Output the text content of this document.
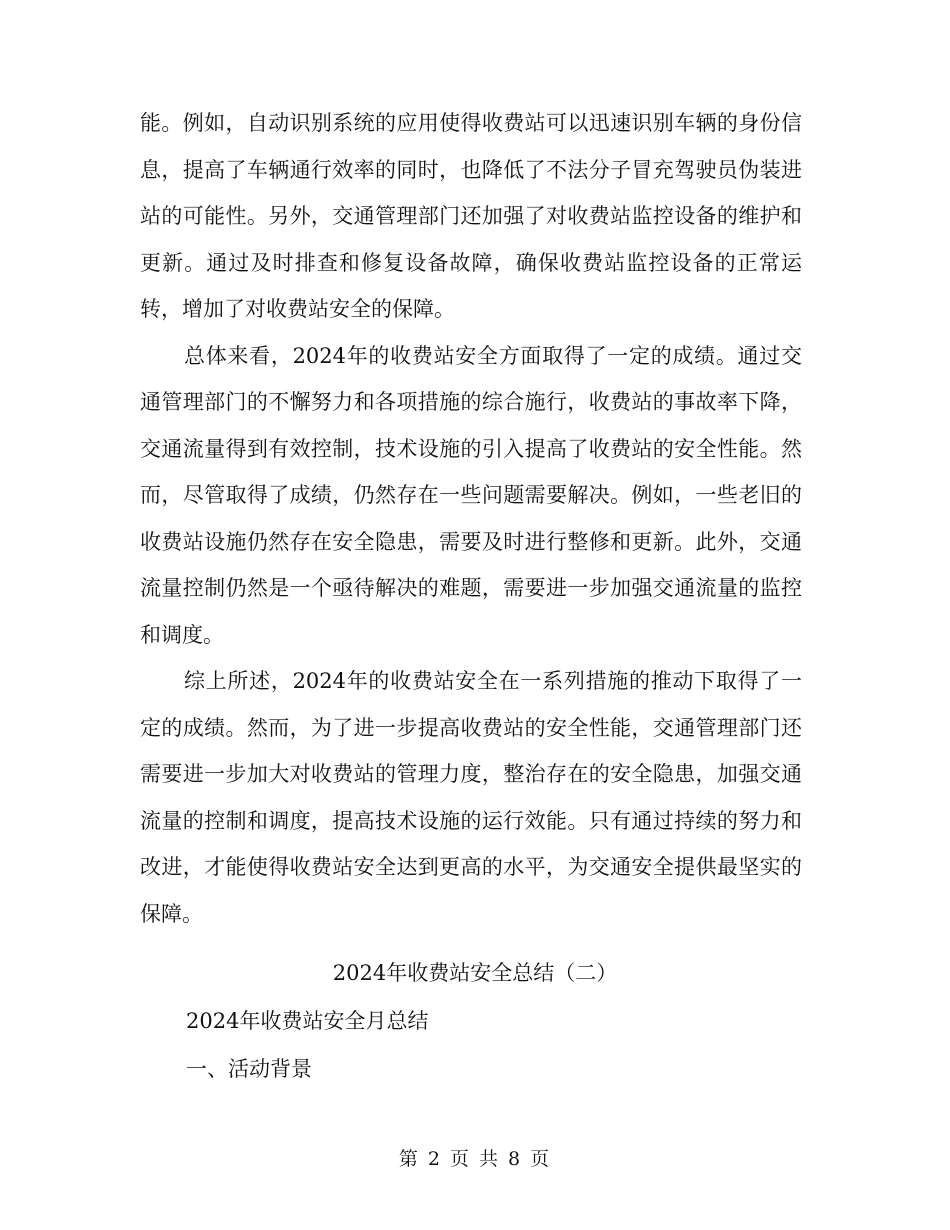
能。例如，自动识别系统的应用使得收费站可以迅速识别车辆的身份信息，提高了车辆通行效率的同时，也降低了不法分子冒充驾驶员伪装进站的可能性。另外，交通管理部门还加强了对收费站监控设备的维护和更新。通过及时排查和修复设备故障，确保收费站监控设备的正常运转，增加了对收费站安全的保障。

总体来看，2024年的收费站安全方面取得了一定的成绩。通过交通管理部门的不懈努力和各项措施的综合施行，收费站的事故率下降，交通流量得到有效控制，技术设施的引入提高了收费站的安全性能。然而，尽管取得了成绩，仍然存在一些问题需要解决。例如，一些老旧的收费站设施仍然存在安全隐患，需要及时进行整修和更新。此外，交通流量控制仍然是一个亟待解决的难题，需要进一步加强交通流量的监控和调度。

综上所述，2024年的收费站安全在一系列措施的推动下取得了一定的成绩。然而，为了进一步提高收费站的安全性能，交通管理部门还需要进一步加大对收费站的管理力度，整治存在的安全隐患，加强交通流量的控制和调度，提高技术设施的运行效能。只有通过持续的努力和改进，才能使得收费站安全达到更高的水平，为交通安全提供最坚实的保障。

2024年收费站安全总结（二）
2024年收费站安全月总结
一、活动背景
第 2 页 共 8 页
